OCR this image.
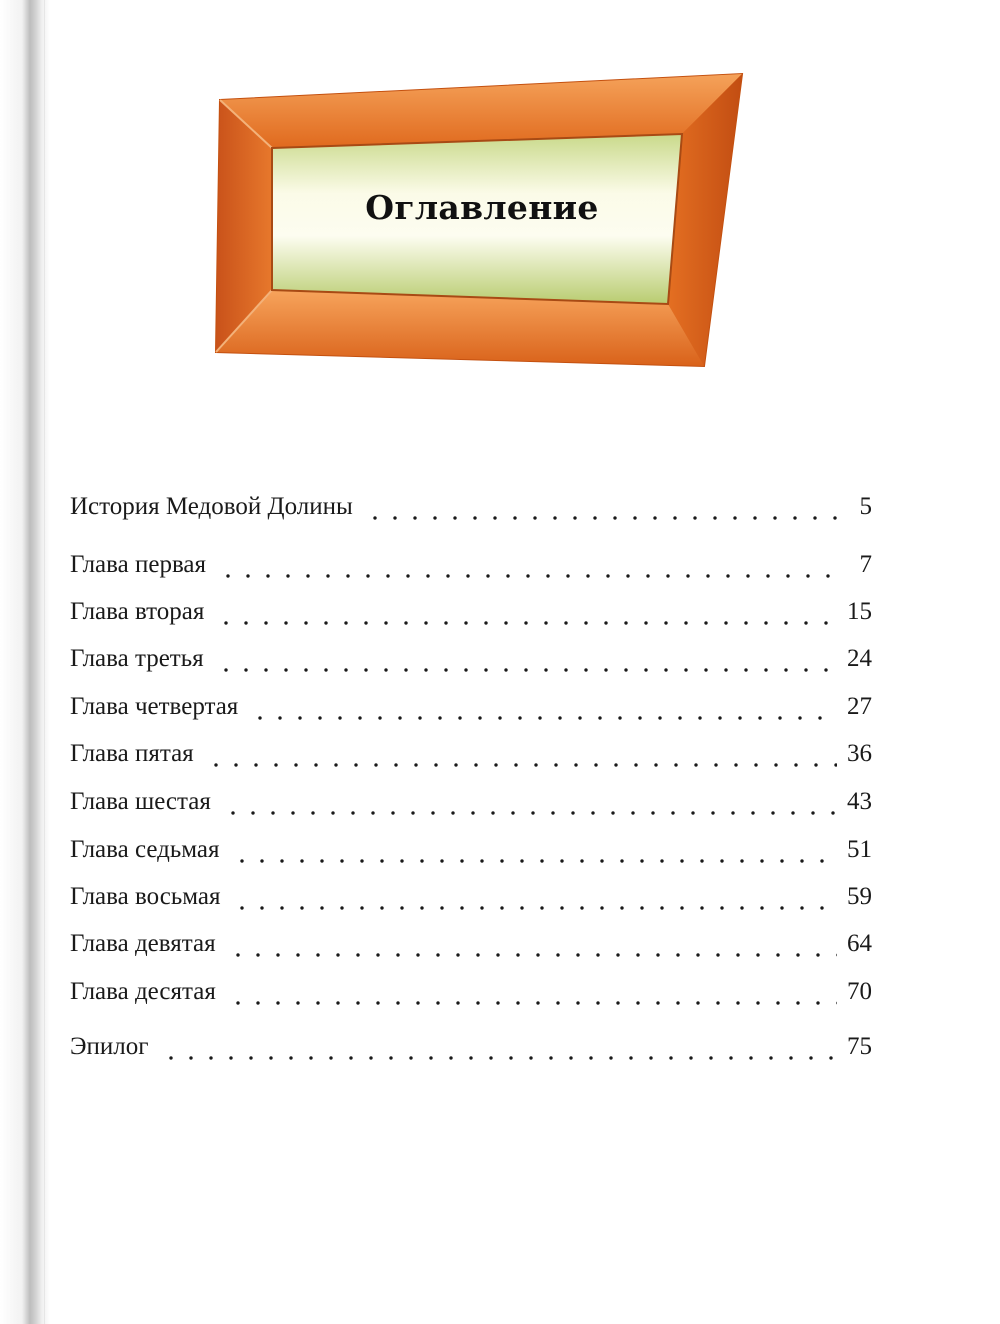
Оглавление
История Медовой Долины	5
Глава первая	7
Глава вторая	15
Глава третья	24
Глава четвертая	27
Глава пятая	36
Глава шестая	43
Глава седьмая	51
Глава восьмая	59
Глава девятая	64
Глава десятая	70
Эпилог	75
